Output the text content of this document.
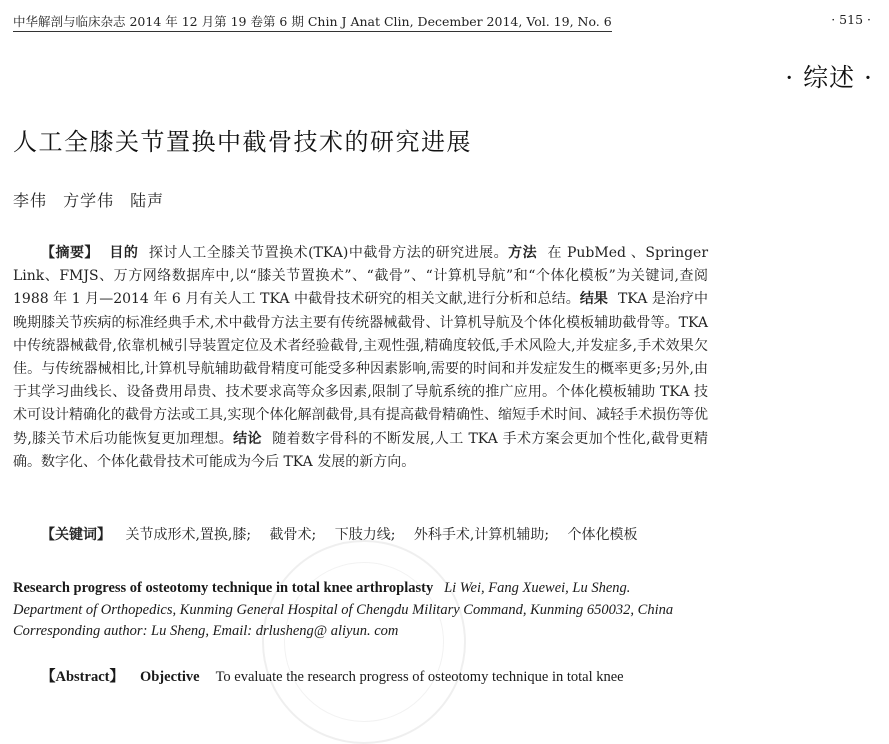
中华解剖与临床杂志 2014 年 12 月第 19 卷第 6 期 Chin J Anat Clin, December 2014, Vol. 19, No. 6	· 515 ·
· 综述 ·
人工全膝关节置换中截骨技术的研究进展
李伟 方学伟 陆声

【摘要】 目的 探讨人工全膝关节置换术(TKA)中截骨方法的研究进展。方法 在 PubMed 、Springer Link、FMJS、万方网络数据库中,以“膝关节置换术”、“截骨”、“计算机导航”和“个体化模板”为关键词,查阅 1988 年 1 月—2014 年 6 月有关人工 TKA 中截骨技术研究的相关文献,进行分析和总结。结果 TKA 是治疗中晚期膝关节疾病的标准经典手术,术中截骨方法主要有传统器械截骨、计算机导航及个体化模板辅助截骨等。TKA 中传统器械截骨,依靠机械引导装置定位及术者经验截骨,主观性强,精确度较低,手术风险大,并发症多,手术效果欠佳。与传统器械相比,计算机导航辅助截骨精度可能受多种因素影响,需要的时间和并发症发生的概率更多;另外,由于其学习曲线长、设备费用昂贵、技术要求高等众多因素,限制了导航系统的推广应用。个体化模板辅助 TKA 技术可设计精确化的截骨方法或工具,实现个体化解剖截骨,具有提高截骨精确性、缩短手术时间、减轻手术损伤等优势,膝关节术后功能恢复更加理想。结论 随着数字骨科的不断发展,人工 TKA 手术方案会更加个性化,截骨更精确。数字化、个体化截骨技术可能成为今后 TKA 发展的新方向。

【关键词】 关节成形术,置换,膝; 截骨术; 下肢力线; 外科手术,计算机辅助; 个体化模板
Research progress of osteotomy technique in total knee arthroplasty Li Wei, Fang Xuewei, Lu Sheng.
Department of Orthopedics, Kunming General Hospital of Chengdu Military Command, Kunming 650032, China
Corresponding author: Lu Sheng, Email: drlusheng@ aliyun. com
【Abstract】 Objective To evaluate the research progress of osteotomy technique in total knee
